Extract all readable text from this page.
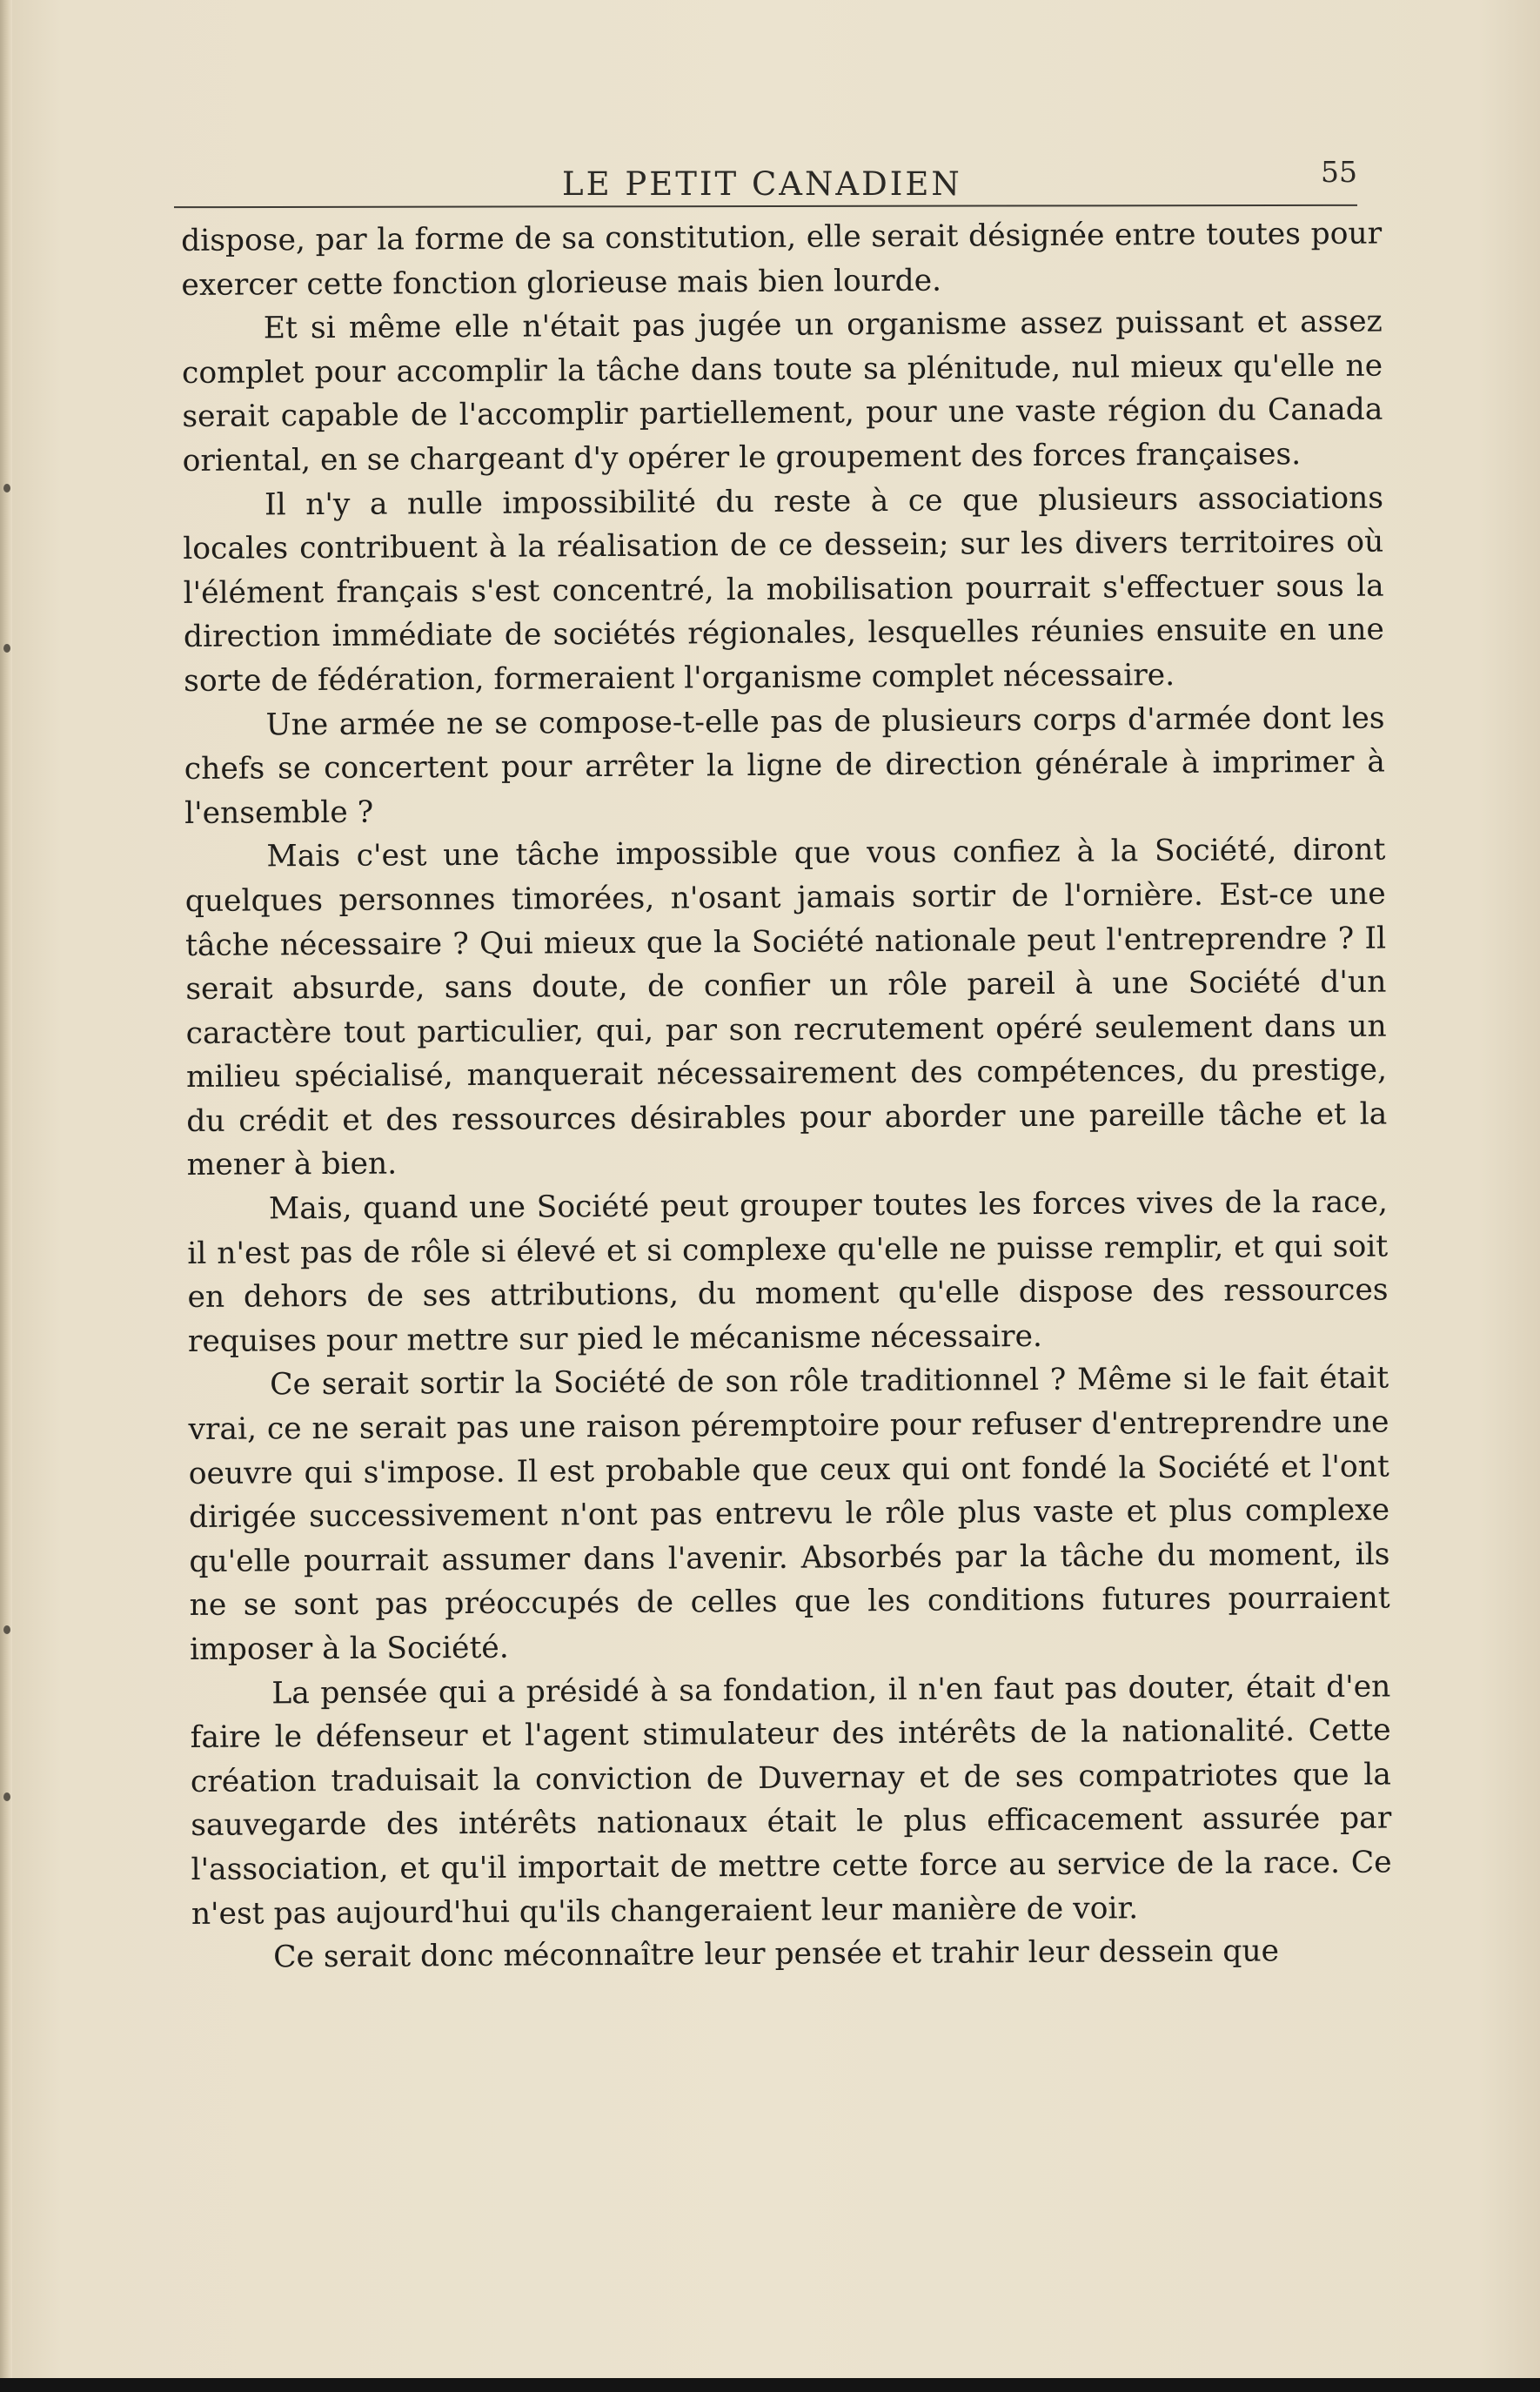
LE PETIT CANADIEN	55

dispose, par la forme de sa constitution, elle serait désignée entre toutes pour exercer cette fonction glorieuse mais bien lourde.

Et si même elle n'était pas jugée un organisme assez puissant et assez complet pour accomplir la tâche dans toute sa plénitude, nul mieux qu'elle ne serait capable de l'accomplir partiellement, pour une vaste région du Canada oriental, en se chargeant d'y opérer le groupement des forces françaises.

Il n'y a nulle impossibilité du reste à ce que plusieurs associations locales contribuent à la réalisation de ce dessein; sur les divers territoires où l'élément français s'est concentré, la mobilisation pourrait s'effectuer sous la direction immédiate de sociétés régionales, lesquelles réunies ensuite en une sorte de fédération, formeraient l'organisme complet nécessaire.

Une armée ne se compose-t-elle pas de plusieurs corps d'armée dont les chefs se concertent pour arrêter la ligne de direction générale à imprimer à l'ensemble ?

Mais c'est une tâche impossible que vous confiez à la Société, diront quelques personnes timorées, n'osant jamais sortir de l'ornière. Est-ce une tâche nécessaire ? Qui mieux que la Société nationale peut l'entreprendre ? Il serait absurde, sans doute, de confier un rôle pareil à une Société d'un caractère tout particulier, qui, par son recrutement opéré seulement dans un milieu spécialisé, manquerait nécessairement des compétences, du prestige, du crédit et des ressources désirables pour aborder une pareille tâche et la mener à bien.

Mais, quand une Société peut grouper toutes les forces vives de la race, il n'est pas de rôle si élevé et si complexe qu'elle ne puisse remplir, et qui soit en dehors de ses attributions, du moment qu'elle dispose des ressources requises pour mettre sur pied le mécanisme nécessaire.

Ce serait sortir la Société de son rôle traditionnel ? Même si le fait était vrai, ce ne serait pas une raison péremptoire pour refuser d'entreprendre une oeuvre qui s'impose. Il est probable que ceux qui ont fondé la Société et l'ont dirigée successivement n'ont pas entrevu le rôle plus vaste et plus complexe qu'elle pourrait assumer dans l'avenir. Absorbés par la tâche du moment, ils ne se sont pas préoccupés de celles que les conditions futures pourraient imposer à la Société.

La pensée qui a présidé à sa fondation, il n'en faut pas douter, était d'en faire le défenseur et l'agent stimulateur des intérêts de la nationalité. Cette création traduisait la conviction de Duvernay et de ses compatriotes que la sauvegarde des intérêts nationaux était le plus efficacement assurée par l'association, et qu'il importait de mettre cette force au service de la race. Ce n'est pas aujourd'hui qu'ils changeraient leur manière de voir.

Ce serait donc méconnaître leur pensée et trahir leur dessein que
